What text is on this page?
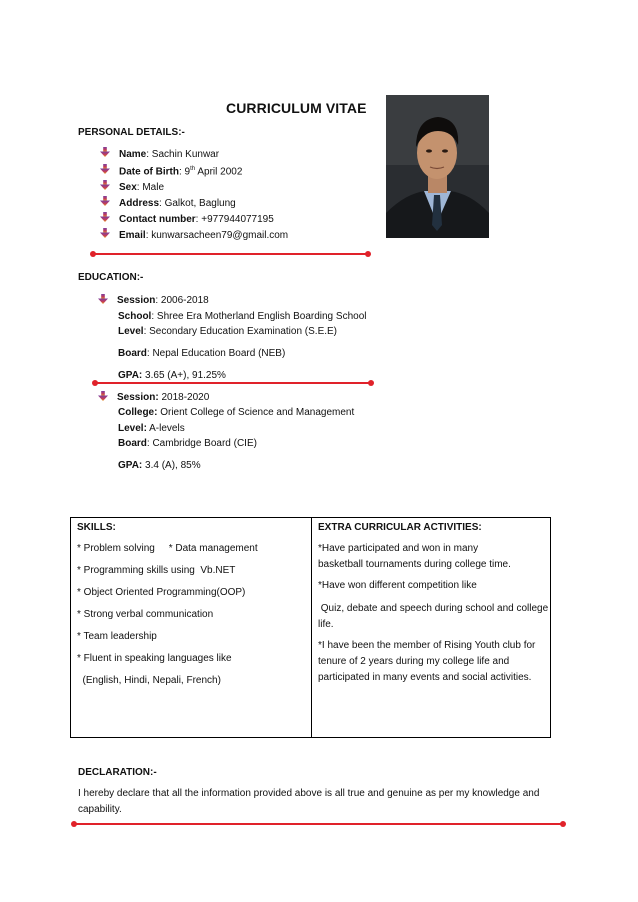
CURRICULUM VITAE
PERSONAL DETAILS:-
Name: Sachin Kunwar
Date of Birth: 9th April 2002
Sex: Male
Address: Galkot, Baglung
Contact number: +977944077195
Email: kunwarsacheen79@gmail.com
EDUCATION:-
Session: 2006-2018
School: Shree Era Motherland English Boarding School
Level: Secondary Education Examination (S.E.E)
Board: Nepal Education Board (NEB)
GPA: 3.65 (A+), 91.25%
Session: 2018-2020
College: Orient College of Science and Management
Level: A-levels
Board: Cambridge Board (CIE)
GPA: 3.4 (A), 85%
SKILLS:
* Problem solving     * Data management
* Programming skills using  Vb.NET
* Object Oriented Programming(OOP)
* Strong verbal communication
* Team leadership
* Fluent in speaking languages like
(English, Hindi, Nepali, French)
EXTRA CURRICULAR ACTIVITIES:
*Have participated and won in many
basketball tournaments during college time.
*Have won different competition like
Quiz, debate and speech during school and college
life.
*I have been the member of Rising Youth club for
tenure of 2 years during my college life and
participated in many events and social activities.
DECLARATION:-
I hereby declare that all the information provided above is all true and genuine as per my knowledge and
capability.
